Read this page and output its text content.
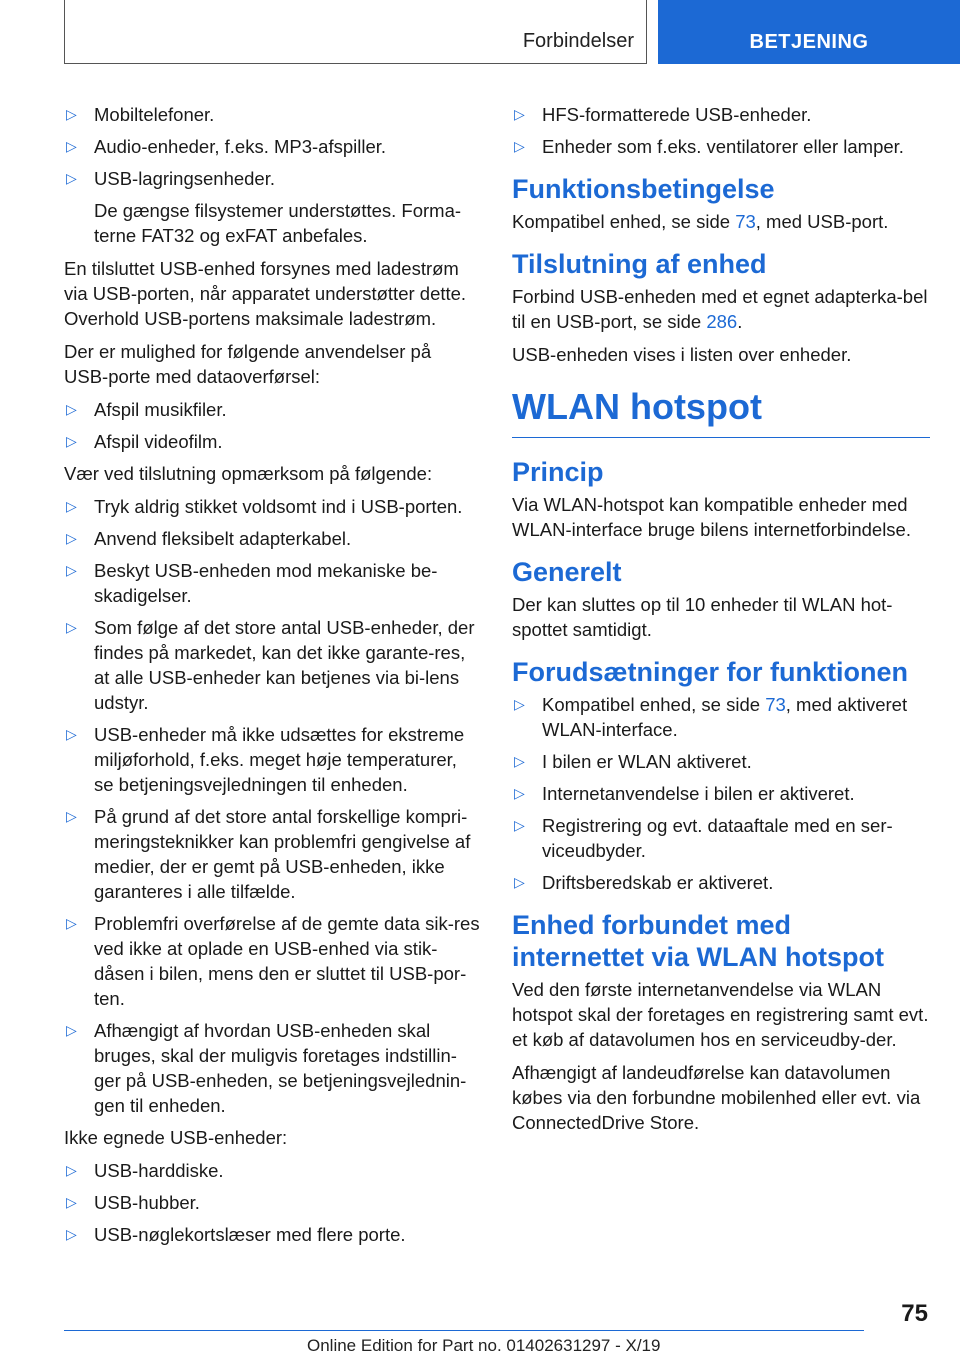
Forbindelser	BETJENING
▷ Mobiltelefoner.
▷ Audio-enheder, f.eks. MP3-afspiller.
▷ USB-lagringsenheder.

De gængse filsystemer understøttes. Forma‐terne FAT32 og exFAT anbefales.

En tilsluttet USB-enhed forsynes med ladestrøm via USB-porten, når apparatet understøtter dette. Overhold USB-portens maksimale ladestrøm.

Der er mulighed for følgende anvendelser på USB-porte med dataoverførsel:

▷ Afspil musikfiler.
▷ Afspil videofilm.

Vær ved tilslutning opmærksom på følgende:

▷ Tryk aldrig stikket voldsomt ind i USB-porten.
▷ Anvend fleksibelt adapterkabel.
▷ Beskyt USB-enheden mod mekaniske be‐skadigelser.
▷ Som følge af det store antal USB-enheder, der findes på markedet, kan det ikke garante‐res, at alle USB-enheder kan betjenes via bi‐lens udstyr.
▷ USB-enheder må ikke udsættes for ekstreme miljøforhold, f.eks. meget høje temperaturer, se betjeningsvejledningen til enheden.
▷ På grund af det store antal forskellige kompri‐meringsteknikker kan problemfri gengivelse af medier, der er gemt på USB-enheden, ikke garanteres i alle tilfælde.
▷ Problemfri overførelse af de gemte data sik‐res ved ikke at oplade en USB-enhed via stik‐dåsen i bilen, mens den er sluttet til USB-por‐ten.
▷ Afhængigt af hvordan USB-enheden skal bruges, skal der muligvis foretages indstillin‐ger på USB-enheden, se betjeningsvejlednin‐gen til enheden.

Ikke egnede USB-enheder:

▷ USB-harddiske.
▷ USB-hubber.
▷ USB-nøglekortslæser med flere porte.
▷ HFS-formatterede USB-enheder.
▷ Enheder som f.eks. ventilatorer eller lamper.
Funktionsbetingelse

Kompatibel enhed, se side 73, med USB-port.

Tilslutning af enhed

Forbind USB-enheden med et egnet adapterka‐bel til en USB-port, se side 286.

USB-enheden vises i listen over enheder.

WLAN hotspot
Princip

Via WLAN-hotspot kan kompatible enheder med WLAN-interface bruge bilens internetforbindelse.

Generelt

Der kan sluttes op til 10 enheder til WLAN hot‐spottet samtidigt.

Forudsætninger for funktionen
▷ Kompatibel enhed, se side 73, med aktiveret WLAN-interface.
▷ I bilen er WLAN aktiveret.
▷ Internetanvendelse i bilen er aktiveret.
▷ Registrering og evt. dataaftale med en ser‐viceudbyder.
▷ Driftsberedskab er aktiveret.
Enhed forbundet med internettet via WLAN hotspot

Ved den første internetanvendelse via WLAN hotspot skal der foretages en registrering samt evt. et køb af datavolumen hos en serviceudby‐der.

Afhængigt af landeudførelse kan datavolumen købes via den forbundne mobilenhed eller evt. via ConnectedDrive Store.

75
Online Edition for Part no. 01402631297 - X/19
